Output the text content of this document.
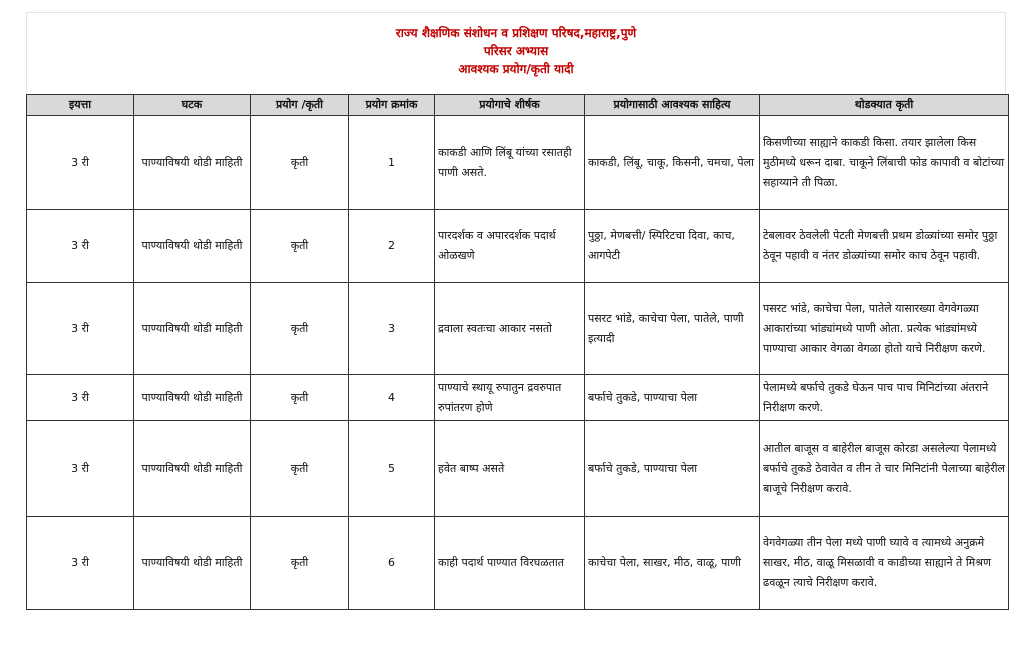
राज्य शैक्षणिक संशोधन व प्रशिक्षण परिषद,महाराष्ट्र,पुणे
परिसर अभ्यास
आवश्यक प्रयोग/कृती यादी
इयत्ता	घटक	प्रयोग /कृती	प्रयोग क्रमांक	प्रयोगाचे शीर्षक	प्रयोगासाठी आवश्यक साहित्य	थोडक्यात कृती
3 री	पाण्याविषयी थोडी माहिती	कृती	1	काकडी आणि लिंबू यांच्या रसातही पाणी असते.	काकडी, लिंबू, चाकू, किसनी, चमचा, पेला	किसणीच्या साह्याने काकडी किसा. तयार झालेला किस मुठीमध्ये धरून दाबा. चाकूने लिंबाची फोड कापावी व बोटांच्या सहाय्याने ती पिळा.
3 री	पाण्याविषयी थोडी माहिती	कृती	2	पारदर्शक व अपारदर्शक पदार्थ ओळखणे	पुठ्ठा, मेणबत्ती/ स्पिरिटचा दिवा, काच, आगपेटी	टेबलावर ठेवलेली पेटती मेणबत्ती प्रथम डोळ्यांच्या समोर पुठ्ठा ठेवून पहावी व नंतर डोळ्यांच्या समोर काच ठेवून पहावी.
3 री	पाण्याविषयी थोडी माहिती	कृती	3	द्रवाला स्वतःचा आकार नसतो	पसरट भांडे, काचेचा पेला, पातेले, पाणी इत्यादी	पसरट भांडे, काचेचा पेला, पातेले यासारख्या वेगवेगळ्या आकारांच्या भांड्यांमध्ये पाणी ओता. प्रत्येक भांड्यांमध्ये पाण्याचा आकार वेगळा वेगळा होतो याचे निरीक्षण करणे.
3 री	पाण्याविषयी थोडी माहिती	कृती	4	पाण्याचे स्थायू रुपातुन द्रवरुपात रुपांतरण होणे	बर्फाचे तुकडे, पाण्याचा पेला	पेलामध्ये बर्फाचे तुकडे घेऊन पाच पाच मिनिटांच्या अंतराने निरीक्षण करणे.
3 री	पाण्याविषयी थोडी माहिती	कृती	5	हवेत बाष्प असते	बर्फाचे तुकडे, पाण्याचा पेला	आतील बाजूस व बाहेरील बाजूस कोरडा असलेल्या पेलामध्ये बर्फाचे तुकडे ठेवावेत व तीन ते चार मिनिटांनी पेलाच्या बाहेरील बाजूचे निरीक्षण करावे.
3 री	पाण्याविषयी थोडी माहिती	कृती	6	काही पदार्थ पाण्यात विरघळतात	काचेचा पेला, साखर, मीठ, वाळू, पाणी	वेगवेगळ्या तीन पेला मध्ये पाणी घ्यावे व त्यामध्ये अनुक्रमे साखर, मीठ, वाळू मिसळावी व काडीच्या साह्याने ते मिश्रण ढवळून त्याचे निरीक्षण करावे.
